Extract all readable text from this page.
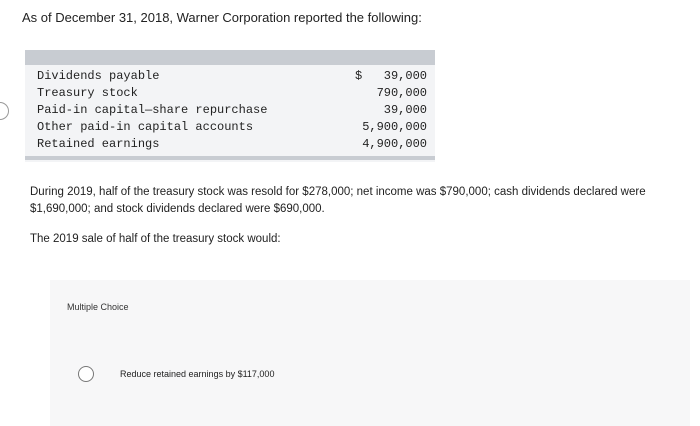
As of December 31, 2018, Warner Corporation reported the following:
Dividends payable	$ 39,000
Treasury stock	790,000
Paid-in capital—share repurchase	39,000
Other paid-in capital accounts	5,900,000
Retained earnings	4,900,000
During 2019, half of the treasury stock was resold for $278,000; net income was $790,000; cash dividends declared were $1,690,000; and stock dividends declared were $690,000.
The 2019 sale of half of the treasury stock would:
Multiple Choice
Reduce retained earnings by $117,000
